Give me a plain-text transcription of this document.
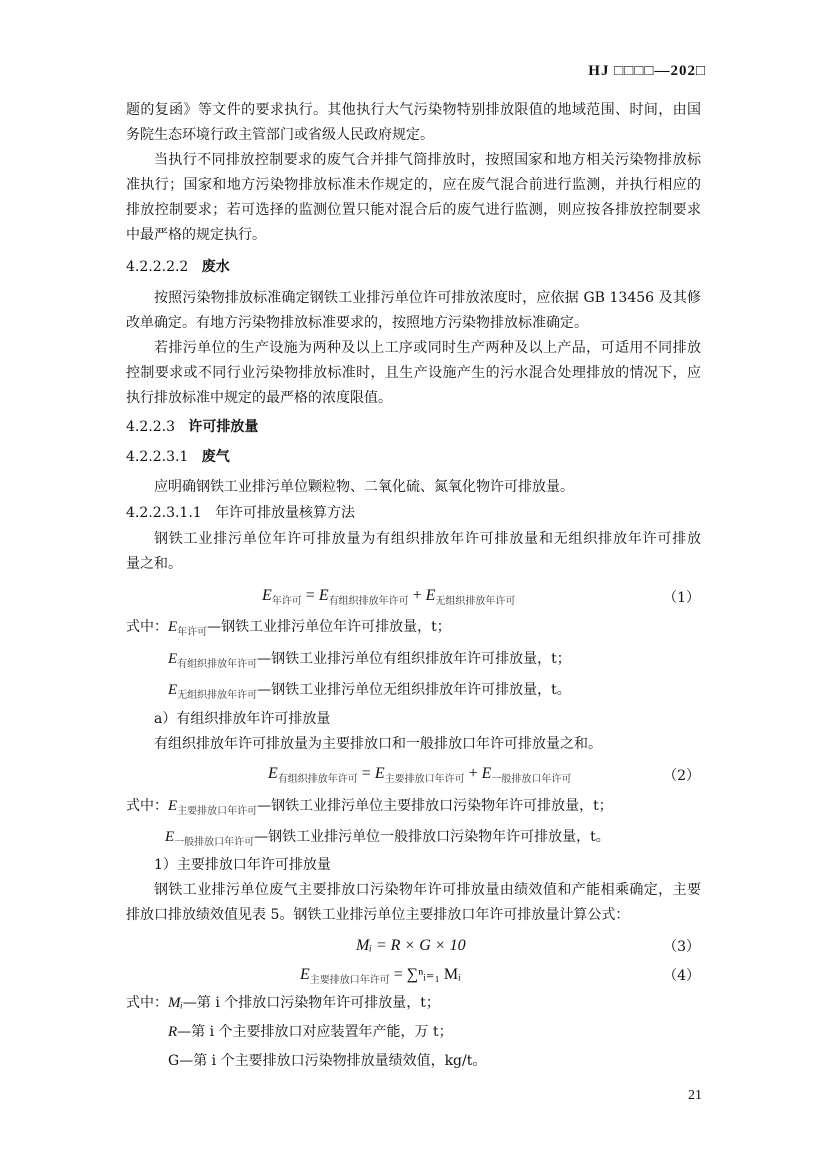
HJ □□□□—202□
题的复函》等文件的要求执行。其他执行大气污染物特别排放限值的地域范围、时间，由国
务院生态环境行政主管部门或省级人民政府规定。
当执行不同排放控制要求的废气合并排气筒排放时，按照国家和地方相关污染物排放标
准执行；国家和地方污染物排放标准未作规定的，应在废气混合前进行监测，并执行相应的
排放控制要求；若可选择的监测位置只能对混合后的废气进行监测，则应按各排放控制要求
中最严格的规定执行。
4.2.2.2.2 废水
按照污染物排放标准确定钢铁工业排污单位许可排放浓度时，应依据 GB 13456 及其修
改单确定。有地方污染物排放标准要求的，按照地方污染物排放标准确定。
若排污单位的生产设施为两种及以上工序或同时生产两种及以上产品，可适用不同排放
控制要求或不同行业污染物排放标准时，且生产设施产生的污水混合处理排放的情况下，应
执行排放标准中规定的最严格的浓度限值。
4.2.2.3 许可排放量
4.2.2.3.1 废气
应明确钢铁工业排污单位颗粒物、二氧化硫、氮氧化物许可排放量。
4.2.2.3.1.1 年许可排放量核算方法
钢铁工业排污单位年许可排放量为有组织排放年许可排放量和无组织排放年许可排放
量之和。
$E_{年许可} = E_{有组织排放年许可} + E_{无组织排放年许可}$	（1）
式中：$E_{年许可}—$钢铁工业排污单位年许可排放量，t；
$E_{有组织排放年许可}—$钢铁工业排污单位有组织排放年许可排放量，t；
$E_{无组织排放年许可}—$钢铁工业排污单位无组织排放年许可排放量，t。
a）有组织排放年许可排放量
有组织排放年许可排放量为主要排放口和一般排放口年许可排放量之和。
$E_{有组织排放年许可} = E_{主要排放口年许可} + E_{一般排放口年许可}$	（2）
式中：$E_{主要排放口年许可}—$钢铁工业排污单位主要排放口污染物年许可排放量，t；
$E_{一般排放口年许可}—$钢铁工业排污单位一般排放口污染物年许可排放量，t。
1）主要排放口年许可排放量
钢铁工业排污单位废气主要排放口污染物年许可排放量由绩效值和产能相乘确定，主要
排放口排放绩效值见表 5。钢铁工业排污单位主要排放口年许可排放量计算公式：
Mᵢ = R × G × 10	（3）
$E_{主要排放口年许可}$ = ∑ⁿᵢ₌₁ Mᵢ	（4）
式中：Mᵢ—第 i 个排放口污染物年许可排放量，t；
R—第 i 个主要排放口对应装置年产能，万 t；
G—第 i 个主要排放口污染物排放量绩效值，kg/t。
21
